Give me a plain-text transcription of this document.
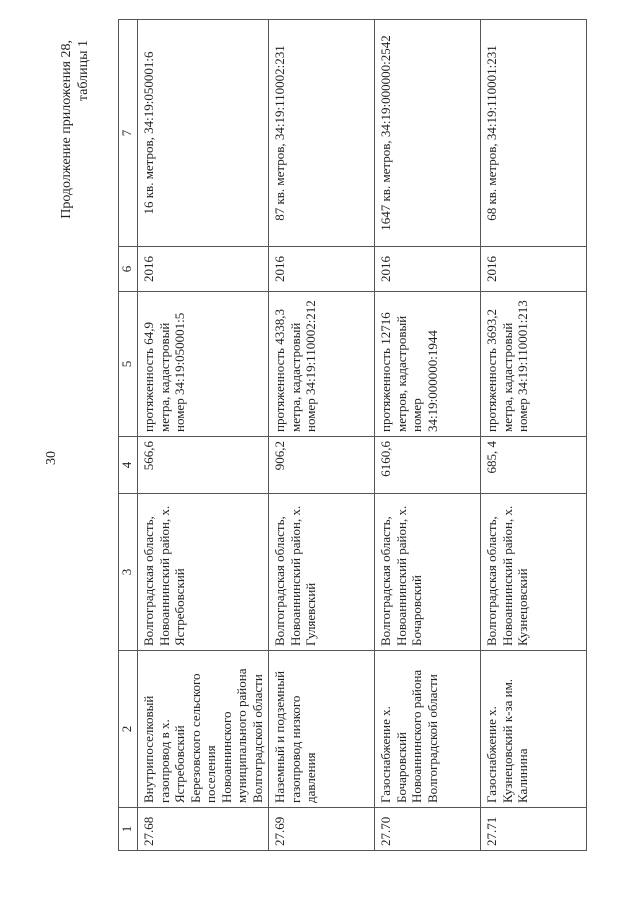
30
Продолжение приложения 28, таблицы 1
1	2	3	4	5	6	7
27.68	Внутрипоселковый газопровод в х. Ястребовский Березовского сельского поселения Новоаннинского муниципального района Волгоградской области	Волгоградская область, Новоаннинский район, х. Ястребовский	566,6	протяженность 64,9 метра, кадастровый номер 34:19:050001:5	2016	16 кв. метров, 34:19:050001:6
27.69	Наземный и подземный газопровод низкого давления	Волгоградская область, Новоаннинский район, х. Гуляевский	906,2	протяженность 4338,3 метра, кадастровый номер 34:19:110002:212	2016	87 кв. метров, 34:19:110002:231
27.70	Газоснабжение х. Бочаровский Новоаннинского района Волгоградской области	Волгоградская область, Новоаннинский район, х. Бочаровский	6160,6	протяженность 12716 метров, кадастровый номер 34:19:000000:1944	2016	1647 кв. метров, 34:19:000000:2542
27.71	Газоснабжение х. Кузнецовский к-за им. Калинина	Волгоградская область, Новоаннинский район, х. Кузнецовский	685, 4	протяженность 3693,2 метра, кадастровый номер 34:19:110001:213	2016	68 кв. метров, 34:19:110001:231
